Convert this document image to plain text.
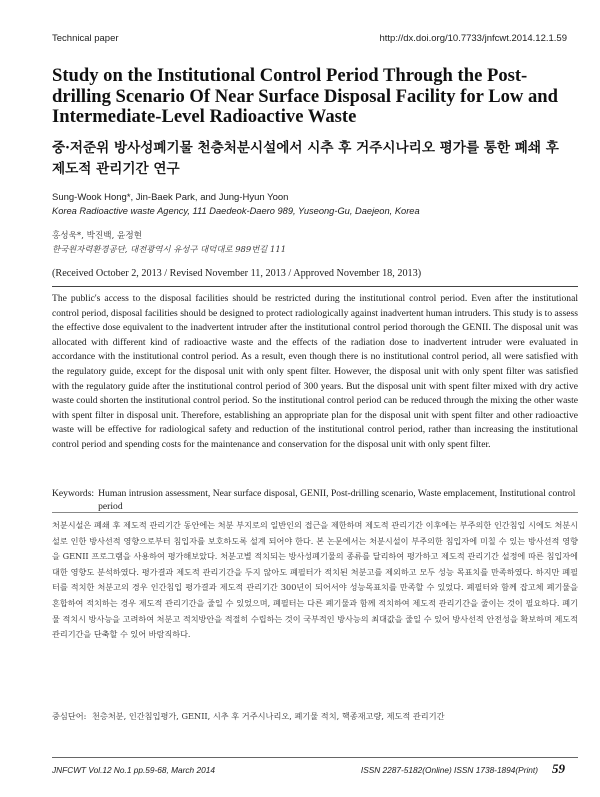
Technical paper	http://dx.doi.org/10.7733/jnfcwt.2014.12.1.59
Study on the Institutional Control Period Through the Post-drilling Scenario Of Near Surface Disposal Facility for Low and Intermediate-Level Radioactive Waste
중·저준위 방사성폐기물 천층처분시설에서 시추 후 거주시나리오 평가를 통한 폐쇄 후 제도적 관리기간 연구
Sung-Wook Hong*, Jin-Baek Park, and Jung-Hyun Yoon
Korea Radioactive waste Agency, 111 Daedeok-Daero 989, Yuseong-Gu, Daejeon, Korea
홍성욱*, 박진백, 윤정현
한국원자력환경공단, 대전광역시 유성구 대덕대로 989번길 111
(Received October 2, 2013 / Revised November 11, 2013 / Approved November 18, 2013)

The public's access to the disposal facilities should be restricted during the institutional control period. Even after the institutional control period, disposal facilities should be designed to protect radiologically against inadvertent human intruders. This study is to assess the effective dose equivalent to the inadvertent intruder after the institutional control period thorough the GENII. The disposal unit was allocated with different kind of radioactive waste and the effects of the radiation dose to inadvertent intruder were evaluated in accordance with the institutional control period. As a result, even though there is no institutional control period, all were satisfied with the regulatory guide, except for the disposal unit with only spent filter. However, the disposal unit with only spent filter was satisfied with the regulatory guide after the institutional control period of 300 years. But the disposal unit with spent filter mixed with dry active waste could shorten the institutional control period. So the institutional control period can be reduced through the mixing the other waste with spent filter in disposal unit. Therefore, establishing an appropriate plan for the disposal unit with spent filter and other radioactive waste will be effective for radiological safety and reduction of the institutional control period, rather than increasing the institutional control period and spending costs for the maintenance and conservation for the disposal unit with only spent filter.

Keywords: Human intrusion assessment, Near surface disposal, GENII, Post-drilling scenario, Waste emplacement, Institutional control period

처분시설은 폐쇄 후 제도적 관리기간 동안에는 처분 부지로의 일반인의 접근을 제한하며 제도적 관리기간 이후에는 부주의한 인간침입 시에도 처분시설로 인한 방사선적 영향으로부터 침입자를 보호하도록 설계 되어야 한다. 본 논문에서는 처분시설이 부주의한 침입자에 미칠 수 있는 방사선적 영향을 GENII 프로그램을 사용하여 평가해보았다. 처분고별 적치되는 방사성폐기물의 종류를 달리하여 평가하고 제도적 관리기간 설정에 따른 침입자에 대한 영향도 분석하였다. 평가결과 제도적 관리기간을 두지 않아도 폐필터가 적치된 처분고를 제외하고 모두 성능 목표치를 만족하였다. 하지만 폐필터를 적치한 처분고의 경우 인간침입 평가결과 제도적 관리기간 300년이 되어서야 성능목표치를 만족할 수 있었다. 폐필터와 함께 잡고체 폐기물을 혼합하여 적치하는 경우 제도적 관리기간을 줄일 수 있었으며, 폐필터는 다른 폐기물과 함께 적치하여 제도적 관리기간을 줄이는 것이 필요하다. 폐기물 적치시 방사능을 고려하여 처분고 적치방안을 적절히 수립하는 것이 국부적인 방사능의 최대값을 줄일 수 있어 방사선적 안전성을 확보하며 제도적 관리기간을 단축할 수 있어 바람직하다.

중심단어: 천층처분, 인간침입평가, GENII, 시추 후 거주시나리오, 폐기물 적치, 핵종재고량, 제도적 관리기간
JNFCWT Vol.12 No.1 pp.59-68, March 2014	ISSN 2287-5182(Online) ISSN 1738-1894(Print) 59
